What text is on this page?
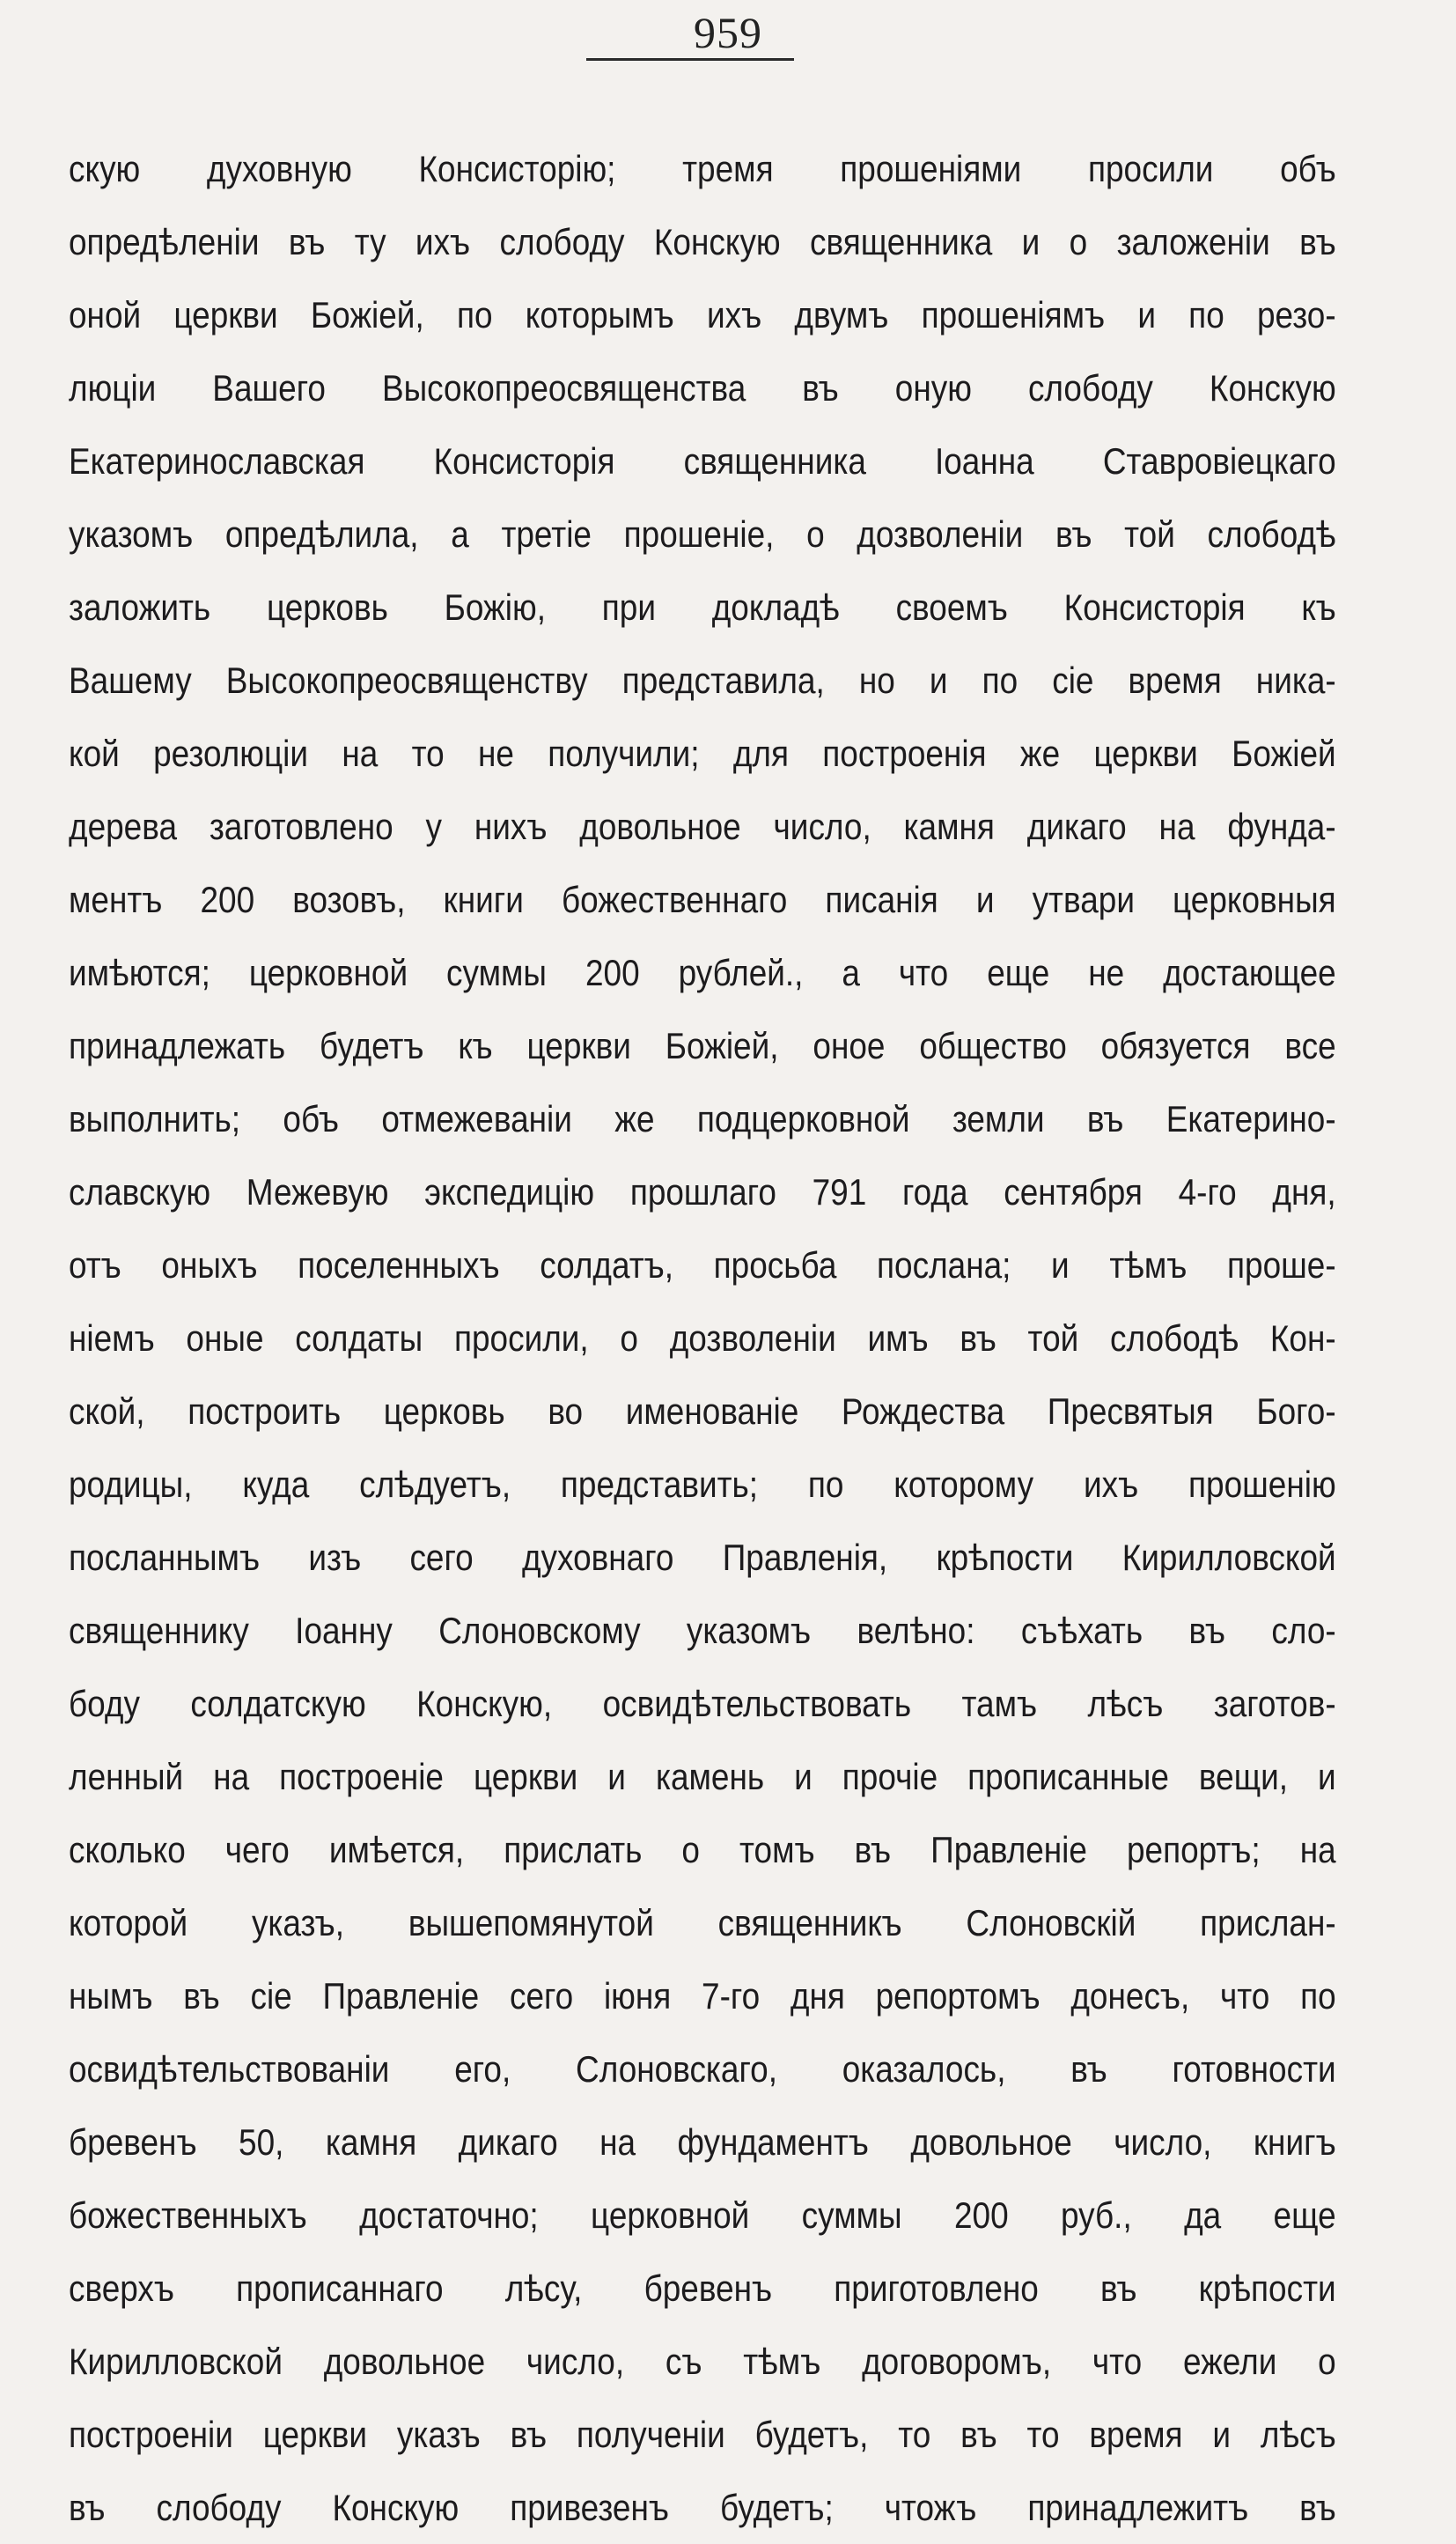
959
скую духовную Консисторію; тремя прошеніями просили объ
опредѣленіи въ ту ихъ слободу Конскую священника и о заложеніи въ
оной церкви Божіей, по которымъ ихъ двумъ прошеніямъ и по резо-
люціи Вашего Высокопреосвященства въ оную слободу Конскую
Екатеринославская Консисторія священника Іоанна Ставровіецкаго
указомъ опредѣлила, а третіе прошеніе, о дозволеніи въ той слободѣ
заложить церковь Божію, при докладѣ своемъ Консисторія къ
Вашему Высокопреосвященству представила, но и по сіе время ника-
кой резолюціи на то не получили; для построенія же церкви Божіей
дерева заготовлено у нихъ довольное число, камня дикаго на фунда-
ментъ 200 возовъ, книги божественнаго писанія и утвари церковныя
имѣются; церковной суммы 200 рублей., а что еще не достающее
принадлежать будетъ къ церкви Божіей, оное общество обязуется все
выполнить; объ отмежеваніи же подцерковной земли въ Екатерино-
славскую Межевую экспедицію прошлаго 791 года сентября 4-го дня,
отъ оныхъ поселенныхъ солдатъ, просьба послана; и тѣмъ проше-
ніемъ оные солдаты просили, о дозволеніи имъ въ той слободѣ Кон-
ской, построить церковь во именованіе Рождества Пресвятыя Бого-
родицы, куда слѣдуетъ, представить; по которому ихъ прошенію
посланнымъ изъ сего духовнаго Правленія, крѣпости Кирилловской
священнику Іоанну Слоновскому указомъ велѣно: съѣхать въ сло-
боду солдатскую Конскую, освидѣтельствовать тамъ лѣсъ заготов-
ленный на построеніе церкви и камень и прочіе прописанные вещи, и
сколько чего имѣется, прислать о томъ въ Правленіе репортъ; на
которой указъ, вышепомянутой священникъ Слоновскій прислан-
нымъ въ сіе Правленіе сего іюня 7-го дня репортомъ донесъ, что по
освидѣтельствованіи его, Слоновскаго, оказалось, въ готовности
бревенъ 50, камня дикаго на фундаментъ довольное число, книгъ
божественныхъ достаточно; церковной суммы 200 руб., да еще
сверхъ прописаннаго лѣсу, бревенъ приготовлено въ крѣпости
Кирилловской довольное число, съ тѣмъ договоромъ, что ежели о
построеніи церкви указъ въ полученіи будетъ, то въ то время и лѣсъ
въ слободу Конскую привезенъ будетъ; чтожъ принадлежитъ въ
